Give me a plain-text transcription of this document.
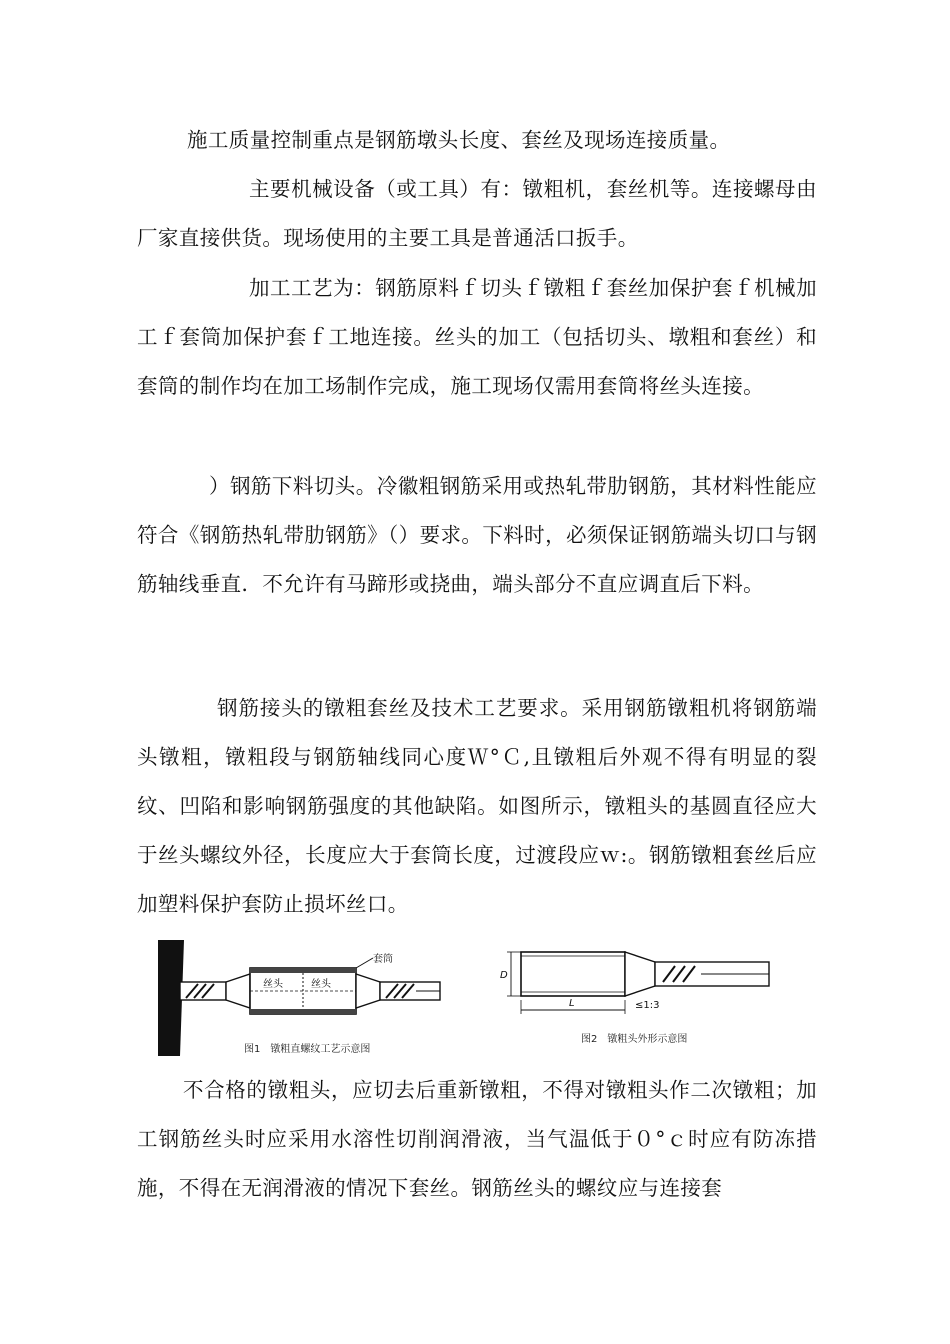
施工质量控制重点是钢筋墩头长度、套丝及现场连接质量。

主要机械设备（或工具）有：镦粗机，套丝机等。连接螺母由厂家直接供货。现场使用的主要工具是普通活口扳手。

加工工艺为：钢筋原料ｆ切头ｆ镦粗ｆ套丝加保护套ｆ机械加工ｆ套筒加保护套ｆ工地连接。丝头的加工（包括切头、墩粗和套丝）和套筒的制作均在加工场制作完成，施工现场仅需用套筒将丝头连接。

）钢筋下料切头。冷徽粗钢筋采用或热轧带肋钢筋，其材料性能应符合《钢筋热轧带肋钢筋》（）要求。下料时，必须保证钢筋端头切口与钢筋轴线垂直．不允许有马蹄形或挠曲，端头部分不直应调直后下料。

钢筋接头的镦粗套丝及技术工艺要求。采用钢筋镦粗机将钢筋端头镦粗，镦粗段与钢筋轴线同心度Ｗ°Ｃ,且镦粗后外观不得有明显的裂纹、凹陷和影响钢筋强度的其他缺陷。如图所示，镦粗头的基圆直径应大于丝头螺纹外径，长度应大于套筒长度，过渡段应ｗ:。钢筋镦粗套丝后应加塑料保护套防止损坏丝口。

丝头	丝头
套筒
图1　镦粗直螺纹工艺示意图
D
L	≤1:3
图2　镦粗头外形示意图

不合格的镦粗头，应切去后重新镦粗，不得对镦粗头作二次镦粗；加工钢筋丝头时应采用水溶性切削润滑液，当气温低于０°ｃ时应有防冻措施，不得在无润滑液的情况下套丝。钢筋丝头的螺纹应与连接套
